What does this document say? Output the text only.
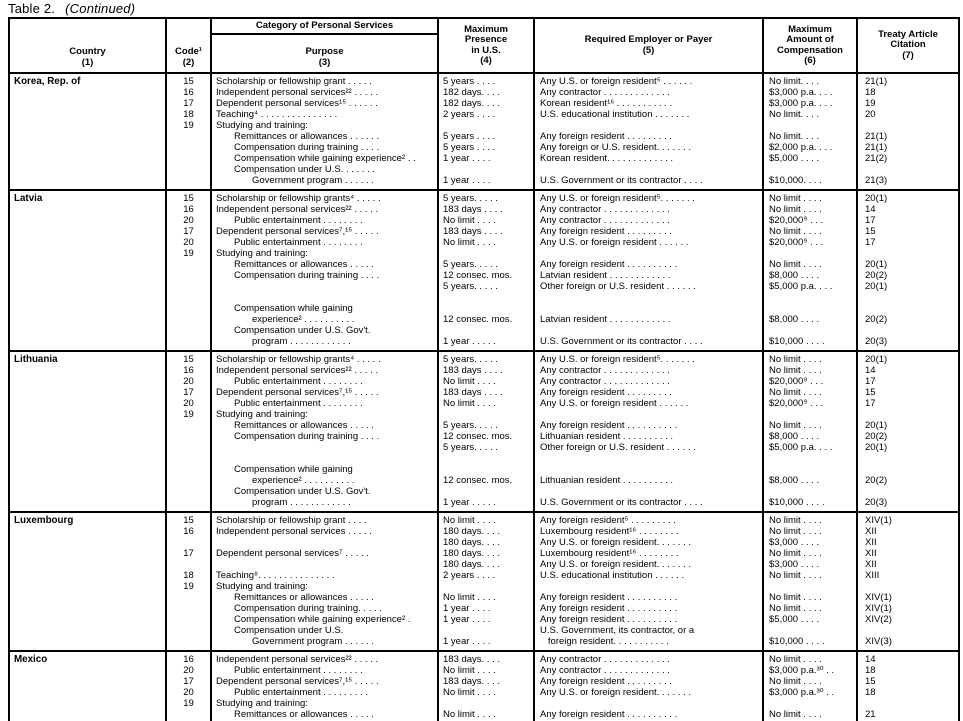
Table 2. (Continued)
Country
(1)

Code¹
(2)

Category of Personal Services
Purpose
(3)

Maximum
Presence
in U.S.
(4)

Required Employer or Payer
(5)

Maximum
Amount of
Compensation
(6)

Treaty Article
Citation
(7)

Korea, Rep. of	15	Scholarship or fellowship grant . . . . .	5 years . . . .	Any U.S. or foreign resident⁵ . . . . . .	No limit. . . .	21(1)
	16	Independent personal services²² . . . . .	182 days. . . .	Any contractor . . . . . . . . . . . . .	$3,000 p.a. . . .	18
	17	Dependent personal services¹⁵ . . . . . .	182 days. . . .	Korean resident¹⁶ . . . . . . . . . . .	$3,000 p.a. . . .	19
	18	Teaching⁴ . . . . . . . . . . . . . . .	2 years . . . .	U.S. educational institution . . . . . . .	No limit. . . .	20
	19	Studying and training:				
		Remittances or allowances . . . . . .	5 years . . . .	Any foreign resident . . . . . . . . .	No limit. . . .	21(1)
		Compensation during training . . . .	5 years . . . .	Any foreign or U.S. resident. . . . . . .	$2,000 p.a. . . .	21(1)
		Compensation while gaining experience² . .	1 year . . . .	Korean resident. . . . . . . . . . . . .	$5,000 . . . .	21(2)
		Compensation under U.S. . . . . . .				
		Government program . . . . . .	1 year . . . .	U.S. Government or its contractor . . . .	$10,000. . . .	21(3)
Latvia	15	Scholarship or fellowship grants⁴ . . . . .	5 years. . . . .	Any U.S. or foreign resident⁵. . . . . . .	No limit . . . .	20(1)
	16	Independent personal services²² . . . . .	183 days . . . .	Any contractor . . . . . . . . . . . . .	No limit . . . .	14
	20	Public entertainment . . . . . . . .	No limit . . . .	Any contractor . . . . . . . . . . . . .	$20,000⁹ . . .	17
	17	Dependent personal services⁷,¹⁵ . . . . .	183 days . . . .	Any foreign resident . . . . . . . . .	No limit . . . .	15
	20	Public entertainment . . . . . . . .	No limit . . . .	Any U.S. or foreign resident . . . . . .	$20,000⁹ . . .	17
	19	Studying and training:				
		Remittances or allowances . . . . .	5 years. . . . .	Any foreign resident . . . . . . . . . .	No limit . . . .	20(1)
		Compensation during training . . . .	12 consec. mos.	Latvian resident . . . . . . . . . . . .	$8,000 . . . .	20(2)
			5 years. . . . .	Other foreign or U.S. resident . . . . . .	$5,000 p.a. . . .	20(1)

		Compensation while gaining				
		experience² . . . . . . . . . .	12 consec. mos.	Latvian resident . . . . . . . . . . . .	$8,000 . . . .	20(2)
		Compensation under U.S. Gov't.				
		program . . . . . . . . . . . .	1 year . . . . .	U.S. Government or its contractor . . . .	$10,000 . . . .	20(3)
Lithuania	15	Scholarship or fellowship grants⁴ . . . . .	5 years. . . . .	Any U.S. or foreign resident⁵. . . . . . .	No limit . . . .	20(1)
	16	Independent personal services²² . . . . .	183 days . . . .	Any contractor . . . . . . . . . . . . .	No limit . . . .	14
	20	Public entertainment . . . . . . . .	No limit . . . .	Any contractor . . . . . . . . . . . . .	$20,000⁹ . . .	17
	17	Dependent personal services⁷,¹⁵ . . . . .	183 days . . . .	Any foreign resident . . . . . . . . .	No limit . . . .	15
	20	Public entertainment . . . . . . . .	No limit . . . .	Any U.S. or foreign resident . . . . . .	$20,000⁹ . . .	17
	19	Studying and training:				
		Remittances or allowances . . . . .	5 years. . . . .	Any foreign resident . . . . . . . . . .	No limit . . . .	20(1)
		Compensation during training . . . .	12 consec. mos.	Lithuanian resident . . . . . . . . . .	$8,000 . . . .	20(2)
			5 years. . . . .	Other foreign or U.S. resident . . . . . .	$5,000 p.a. . . .	20(1)

		Compensation while gaining				
		experience² . . . . . . . . . .	12 consec. mos.	Lithuanian resident . . . . . . . . . .	$8,000 . . . .	20(2)
		Compensation under U.S. Gov't.				
		program . . . . . . . . . . . .	1 year . . . . .	U.S. Government or its contractor . . . .	$10,000 . . . .	20(3)
Luxembourg	15	Scholarship or fellowship grant . . . .	No limit . . . .	Any foreign resident⁵ . . . . . . . . .	No limit . . . .	XIV(1)
	16	Independent personal services . . . . .	180 days. . . .	Luxembourg resident¹⁶ . . . . . . . .	No limit . . . .	XII
			180 days. . . .	Any U.S. or foreign resident. . . . . . .	$3,000 . . . .	XII
	17	Dependent personal services⁷ . . . . .	180 days. . . .	Luxembourg resident¹⁶ . . . . . . . .	No limit . . . .	XII
			180 days. . . .	Any U.S. or foreign resident. . . . . . .	$3,000 . . . .	XII
	18	Teaching⁸. . . . . . . . . . . . . . .	2 years . . . .	U.S. educational institution . . . . . .	No limit . . . .	XIII
	19	Studying and training:				
		Remittances or allowances . . . . .	No limit . . . .	Any foreign resident . . . . . . . . . .	No limit . . . .	XIV(1)
		Compensation during training. . . . .	1 year . . . .	Any foreign resident . . . . . . . . . .	No limit . . . .	XIV(1)
		Compensation while gaining experience² .	1 year . . . .	Any foreign resident . . . . . . . . . .	$5,000 . . . .	XIV(2)
		Compensation under U.S.		U.S. Government, its contractor, or a		
		Government program . . . . . .	1 year . . . .	foreign resident. . . . . . . . . . .	$10,000 . . . .	XIV(3)
Mexico	16	Independent personal services²² . . . . .	183 days. . . .	Any contractor . . . . . . . . . . . . .	No limit . . . .	14
	20	Public entertainment . . . . . . . .	No limit . . . .	Any contractor . . . . . . . . . . . . .	$3,000 p.a.³⁰ . .	18
	17	Dependent personal services⁷,¹⁵ . . . . .	183 days. . . .	Any foreign resident . . . . . . . . .	No limit . . . .	15
	20	Public entertainment . . . . . . . . .	No limit . . . .	Any U.S. or foreign resident. . . . . . .	$3,000 p.a.³⁰ . .	18
	19	Studying and training:				
		Remittances or allowances . . . . .	No limit . . . .	Any foreign resident . . . . . . . . . .	No limit . . . .	21
